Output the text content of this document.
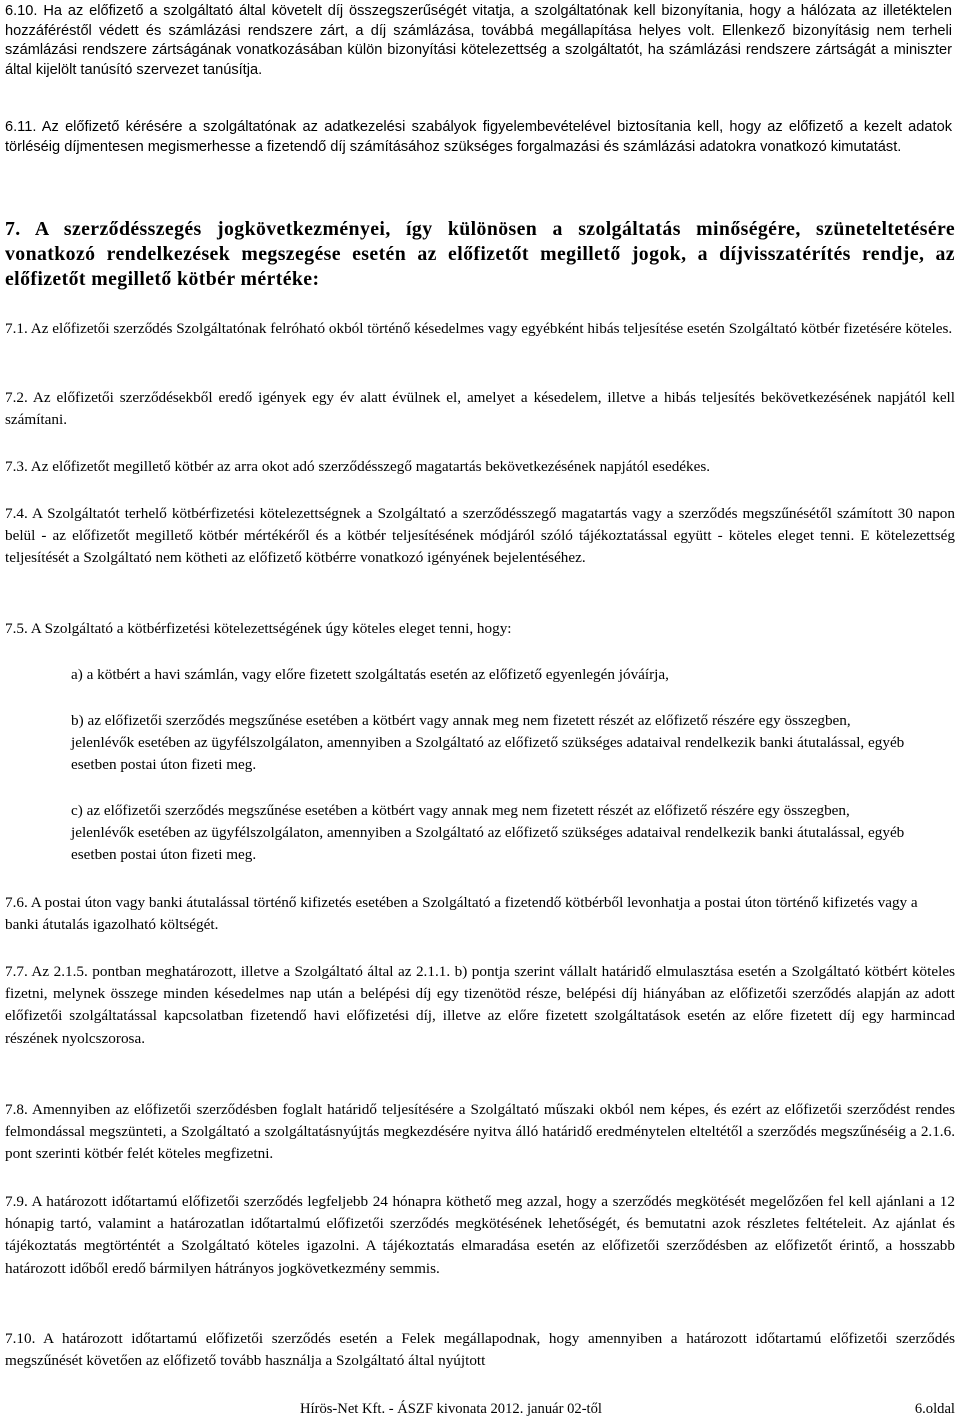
6.10. Ha az előfizető a szolgáltató által követelt díj összegszerűségét vitatja, a szolgáltatónak kell bizonyítania, hogy a hálózata az illetéktelen hozzáféréstől védett és számlázási rendszere zárt, a díj számlázása, továbbá megállapítása helyes volt. Ellenkező bizonyításig nem terheli számlázási rendszere zártságának vonatkozásában külön bizonyítási kötelezettség a szolgáltatót, ha számlázási rendszere zártságát a miniszter által kijelölt tanúsító szervezet tanúsítja.

6.11. Az előfizető kérésére a szolgáltatónak az adatkezelési szabályok figyelembevételével biztosítania kell, hogy az előfizető a kezelt adatok törléséig díjmentesen megismerhesse a fizetendő díj számításához szükséges forgalmazási és számlázási adatokra vonatkozó kimutatást.

7. A szerződésszegés jogkövetkezményei, így különösen a szolgáltatás minőségére, szüneteltetésére vonatkozó rendelkezések megszegése esetén az előfizetőt megillető jogok, a díjvisszatérítés rendje, az előfizetőt megillető kötbér mértéke:

7.1. Az előfizetői szerződés Szolgáltatónak felróható okból történő késedelmes vagy egyébként hibás teljesítése esetén Szolgáltató kötbér fizetésére köteles.

7.2. Az előfizetői szerződésekből eredő igények egy év alatt évülnek el, amelyet a késedelem, illetve a hibás teljesítés bekövetkezésének napjától kell számítani.

7.3. Az előfizetőt megillető kötbér az arra okot adó szerződésszegő magatartás bekövetkezésének napjától esedékes.

7.4. A Szolgáltatót terhelő kötbérfizetési kötelezettségnek a Szolgáltató a szerződésszegő magatartás vagy a szerződés megszűnésétől számított 30 napon belül - az előfizetőt megillető kötbér mértékéről és a kötbér teljesítésének módjáról szóló tájékoztatással együtt - köteles eleget tenni. E kötelezettség teljesítését a Szolgáltató nem kötheti az előfizető kötbérre vonatkozó igényének bejelentéséhez.

7.5. A Szolgáltató a kötbérfizetési kötelezettségének úgy köteles eleget tenni, hogy:

a) a kötbért a havi számlán, vagy előre fizetett szolgáltatás esetén az előfizető egyenlegén jóváírja,

b) az előfizetői szerződés megszűnése esetében a kötbért vagy annak meg nem fizetett részét az előfizető részére egy összegben, jelenlévők esetében az ügyfélszolgálaton, amennyiben a Szolgáltató az előfizető szükséges adataival rendelkezik banki átutalással, egyéb esetben postai úton fizeti meg.

c) az előfizetői szerződés megszűnése esetében a kötbért vagy annak meg nem fizetett részét az előfizető részére egy összegben, jelenlévők esetében az ügyfélszolgálaton, amennyiben a Szolgáltató az előfizető szükséges adataival rendelkezik banki átutalással, egyéb esetben postai úton fizeti meg.

7.6. A postai úton vagy banki átutalással történő kifizetés esetében a Szolgáltató a fizetendő kötbérből levonhatja a postai úton történő kifizetés vagy a banki átutalás igazolható költségét.

7.7. Az 2.1.5. pontban meghatározott, illetve a Szolgáltató által az 2.1.1. b) pontja szerint vállalt határidő elmulasztása esetén a Szolgáltató kötbért köteles fizetni, melynek összege minden késedelmes nap után a belépési díj egy tizenötöd része, belépési díj hiányában az előfizetői szerződés alapján az adott előfizetői szolgáltatással kapcsolatban fizetendő havi előfizetési díj, illetve az előre fizetett szolgáltatások esetén az előre fizetett díj egy harmincad részének nyolcszorosa.

7.8. Amennyiben az előfizetői szerződésben foglalt határidő teljesítésére a Szolgáltató műszaki okból nem képes, és ezért az előfizetői szerződést rendes felmondással megszünteti, a Szolgáltató a szolgáltatásnyújtás megkezdésére nyitva álló határidő eredménytelen elteltétől a szerződés megszűnéséig a 2.1.6. pont szerinti kötbér felét köteles megfizetni.

7.9. A határozott időtartamú előfizetői szerződés legfeljebb 24 hónapra köthető meg azzal, hogy a szerződés megkötését megelőzően fel kell ajánlani a 12 hónapig tartó, valamint a határozatlan időtartalmú előfizetői szerződés megkötésének lehetőségét, és bemutatni azok részletes feltételeit. Az ajánlat és tájékoztatás megtörténtét a Szolgáltató köteles igazolni. A tájékoztatás elmaradása esetén az előfizetői szerződésben az előfizetőt érintő, a hosszabb határozott időből eredő bármilyen hátrányos jogkövetkezmény semmis.

7.10. A határozott időtartamú előfizetői szerződés esetén a Felek megállapodnak, hogy amennyiben a határozott időtartamú előfizetői szerződés megszűnését követően az előfizető tovább használja a Szolgáltató által nyújtott

Hírös-Net Kft. - ÁSZF kivonata 2012. január 02-től	6.oldal
